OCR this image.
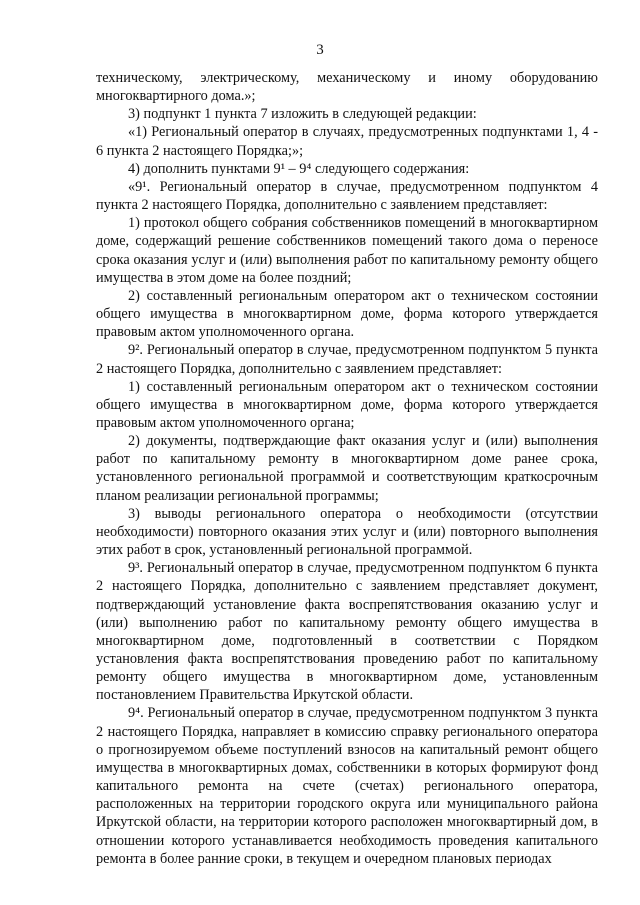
3

техническому, электрическому, механическому и иному оборудованию многоквартирного дома.»;

3) подпункт 1 пункта 7 изложить в следующей редакции:

«1) Региональный оператор в случаях, предусмотренных подпунктами 1, 4 - 6 пункта 2 настоящего Порядка;»;

4) дополнить пунктами 9¹ – 9⁴ следующего содержания:

«9¹. Региональный оператор в случае, предусмотренном подпунктом 4 пункта 2 настоящего Порядка, дополнительно с заявлением представляет:

1) протокол общего собрания собственников помещений в многоквартирном доме, содержащий решение собственников помещений такого дома о переносе срока оказания услуг и (или) выполнения работ по капитальному ремонту общего имущества в этом доме на более поздний;

2) составленный региональным оператором акт о техническом состоянии общего имущества в многоквартирном доме, форма которого утверждается правовым актом уполномоченного органа.

9². Региональный оператор в случае, предусмотренном подпунктом 5 пункта 2 настоящего Порядка, дополнительно с заявлением представляет:

1) составленный региональным оператором акт о техническом состоянии общего имущества в многоквартирном доме, форма которого утверждается правовым актом уполномоченного органа;

2) документы, подтверждающие факт оказания услуг и (или) выполнения работ по капитальному ремонту в многоквартирном доме ранее срока, установленного региональной программой и соответствующим краткосрочным планом реализации региональной программы;

3) выводы регионального оператора о необходимости (отсутствии необходимости) повторного оказания этих услуг и (или) повторного выполнения этих работ в срок, установленный региональной программой.

9³. Региональный оператор в случае, предусмотренном подпунктом 6 пункта 2 настоящего Порядка, дополнительно с заявлением представляет документ, подтверждающий установление факта воспрепятствования оказанию услуг и (или) выполнению работ по капитальному ремонту общего имущества в многоквартирном доме, подготовленный в соответствии с Порядком установления факта воспрепятствования проведению работ по капитальному ремонту общего имущества в многоквартирном доме, установленным постановлением Правительства Иркутской области.

9⁴. Региональный оператор в случае, предусмотренном подпунктом 3 пункта 2 настоящего Порядка, направляет в комиссию справку регионального оператора о прогнозируемом объеме поступлений взносов на капитальный ремонт общего имущества в многоквартирных домах, собственники в которых формируют фонд капитального ремонта на счете (счетах) регионального оператора, расположенных на территории городского округа или муниципального района Иркутской области, на территории которого расположен многоквартирный дом, в отношении которого устанавливается необходимость проведения капитального ремонта в более ранние сроки, в текущем и очередном плановых периодах
